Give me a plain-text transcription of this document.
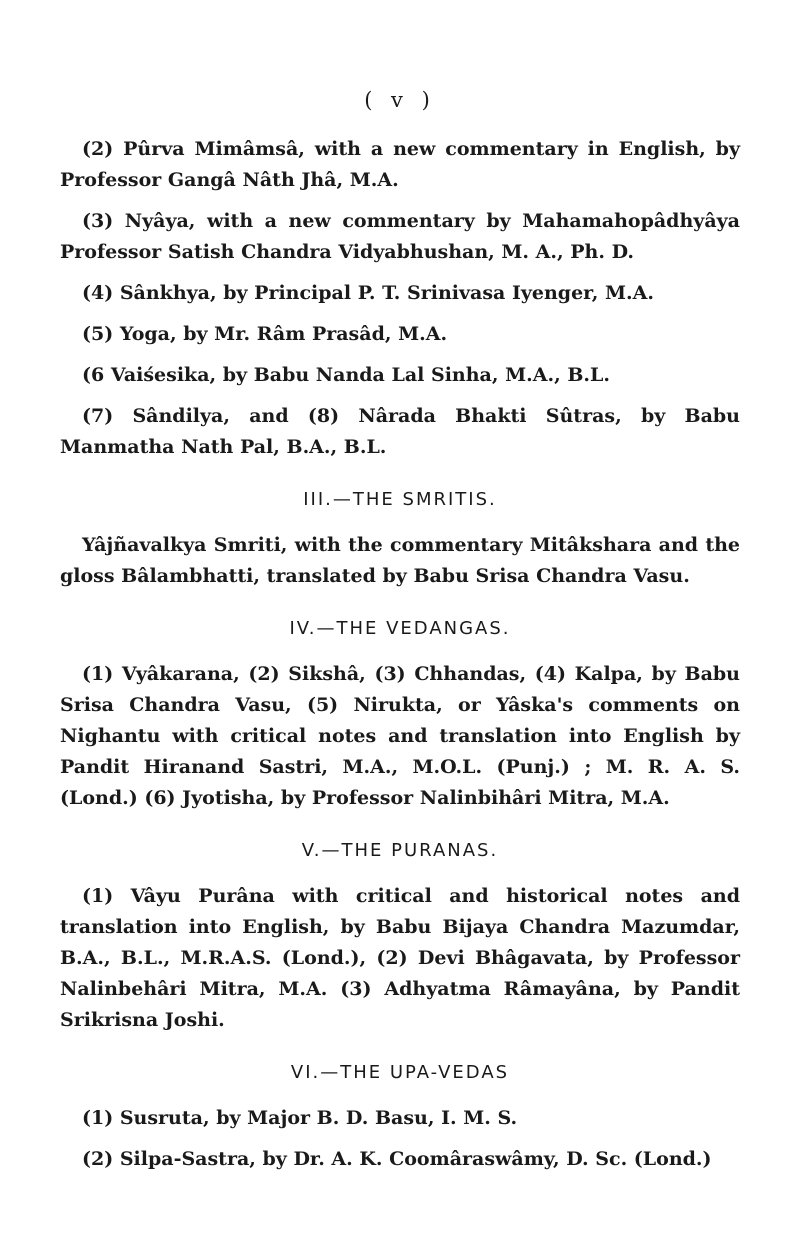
( v )

(2) Pûrva Mimâmsâ, with a new commentary in English, by Professor Gangâ Nâth Jhâ, M.A.

(3) Nyâya, with a new commentary by Mahamahopâdhyâya Professor Satish Chandra Vidyabhushan, M. A., Ph. D.

(4) Sânkhya, by Principal P. T. Srinivasa Iyenger, M.A.

(5) Yoga, by Mr. Râm Prasâd, M.A.

(6 Vaiśesika, by Babu Nanda Lal Sinha, M.A., B.L.

(7) Sândilya, and (8) Nârada Bhakti Sûtras, by Babu Manmatha Nath Pal, B.A., B.L.

III.—THE SMRITIS.

Yâjñavalkya Smriti, with the commentary Mitâkshara and the gloss Bâlambhatti, translated by Babu Srisa Chandra Vasu.

IV.—THE VEDANGAS.

(1) Vyâkarana, (2) Sikshâ, (3) Chhandas, (4) Kalpa, by Babu Srisa Chandra Vasu, (5) Nirukta, or Yâska's comments on Nighantu with critical notes and translation into English by Pandit Hiranand Sastri, M.A., M.O.L. (Punj.) ; M. R. A. S. (Lond.) (6) Jyotisha, by Professor Nalinbihâri Mitra, M.A.

V.—THE PURANAS.

(1) Vâyu Purâna with critical and historical notes and translation into English, by Babu Bijaya Chandra Mazumdar, B.A., B.L., M.R.A.S. (Lond.), (2) Devi Bhâgavata, by Professor Nalinbehâri Mitra, M.A. (3) Adhyatma Râmayâna, by Pandit Srikrisna Joshi.

VI.—THE UPA-VEDAS

(1) Susruta, by Major B. D. Basu, I. M. S.

(2) Silpa-Sastra, by Dr. A. K. Coomâraswâmy, D. Sc. (Lond.)
